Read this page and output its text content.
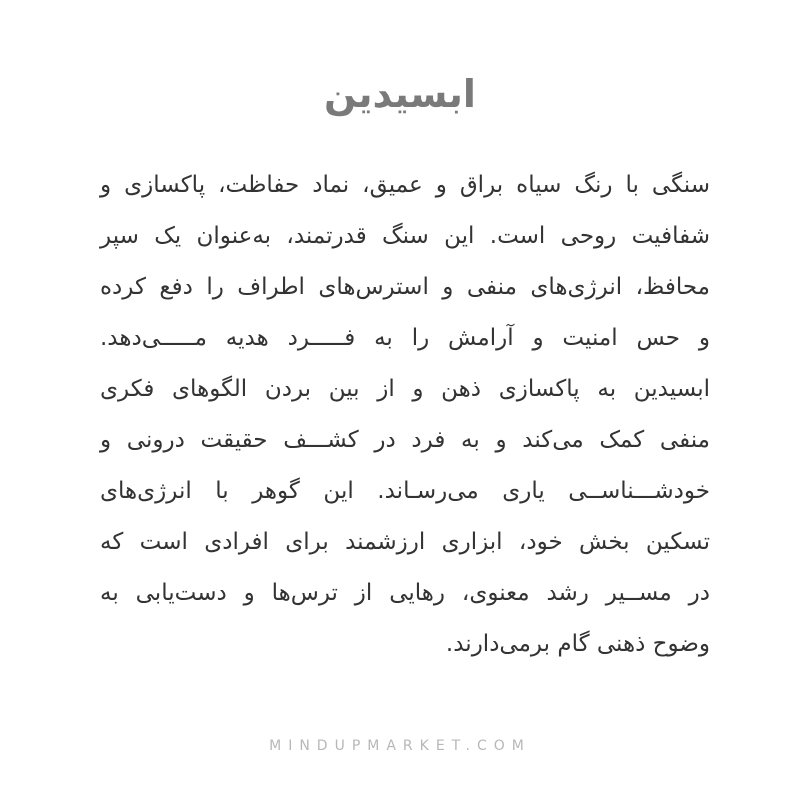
ابسیدین
سنگی با رنگ سیاه براق و عمیق، نماد حفاظت، پاکسازی و
شفافیت روحی است. این سنگ قدرتمند، به‌عنوان یک سپر
محافظ، انرژی‌های منفی و استرس‌های اطراف را دفع کرده
و حس امنیت و آرامش را به فـــــرد هدیه مـــــی‌دهد.
ابسیدین به پاکسازی ذهن و از بین بردن الگوهای فکری
منفی کمک می‌کند و به فرد در کشـــف حقیقت درونی و
خودشـــناســی یاری می‌رسـاند. این گوهر با انرژی‌های
تسکین بخش خود، ابزاری ارزشمند برای افرادی است که
در مســیر رشد معنوی، رهایی از ترس‌ها و دست‌یابی به
وضوح ذهنی گام برمی‌دارند.
MINDUPMARKET.COM
